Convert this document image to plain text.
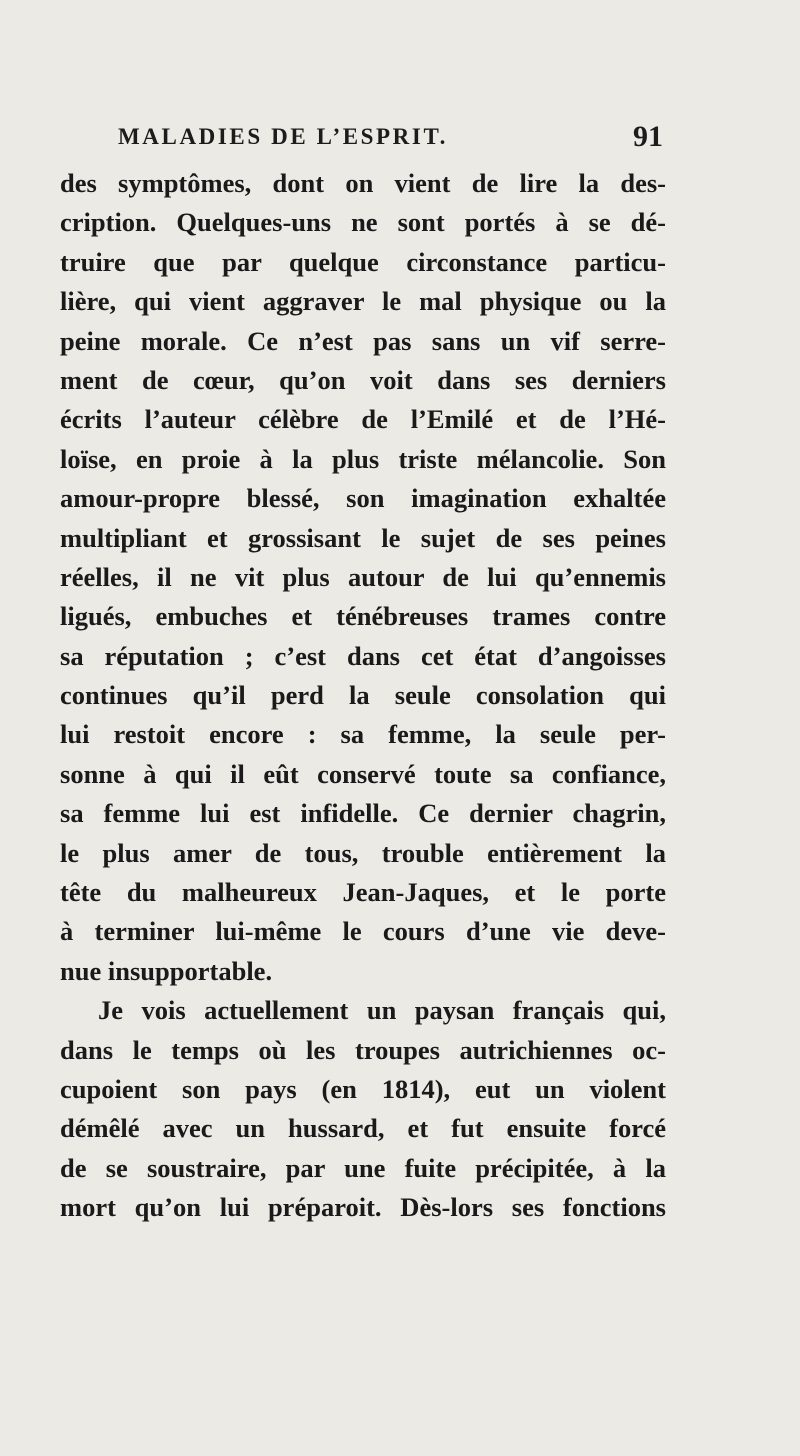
MALADIES DE L’ESPRIT.	91
des symptômes, dont on vient de lire la des-
cription. Quelques-uns ne sont portés à se dé-
truire que par quelque circonstance particu-
lière, qui vient aggraver le mal physique ou la
peine morale. Ce n’est pas sans un vif serre-
ment de cœur, qu’on voit dans ses derniers
écrits l’auteur célèbre de l’Emilé et de l’Hé-
loïse, en proie à la plus triste mélancolie. Son
amour-propre blessé, son imagination exhaltée
multipliant et grossisant le sujet de ses peines
réelles, il ne vit plus autour de lui qu’ennemis
ligués, embuches et ténébreuses trames contre
sa réputation ; c’est dans cet état d’angoisses
continues qu’il perd la seule consolation qui
lui restoit encore : sa femme, la seule per-
sonne à qui il eût conservé toute sa confiance,
sa femme lui est infidelle. Ce dernier chagrin,
le plus amer de tous, trouble entièrement la
tête du malheureux Jean-Jaques, et le porte
à terminer lui-même le cours d’une vie deve-
nue insupportable.
Je vois actuellement un paysan français qui,
dans le temps où les troupes autrichiennes oc-
cupoient son pays (en 1814), eut un violent
démêlé avec un hussard, et fut ensuite forcé
de se soustraire, par une fuite précipitée, à la
mort qu’on lui préparoit. Dès-lors ses fonctions
